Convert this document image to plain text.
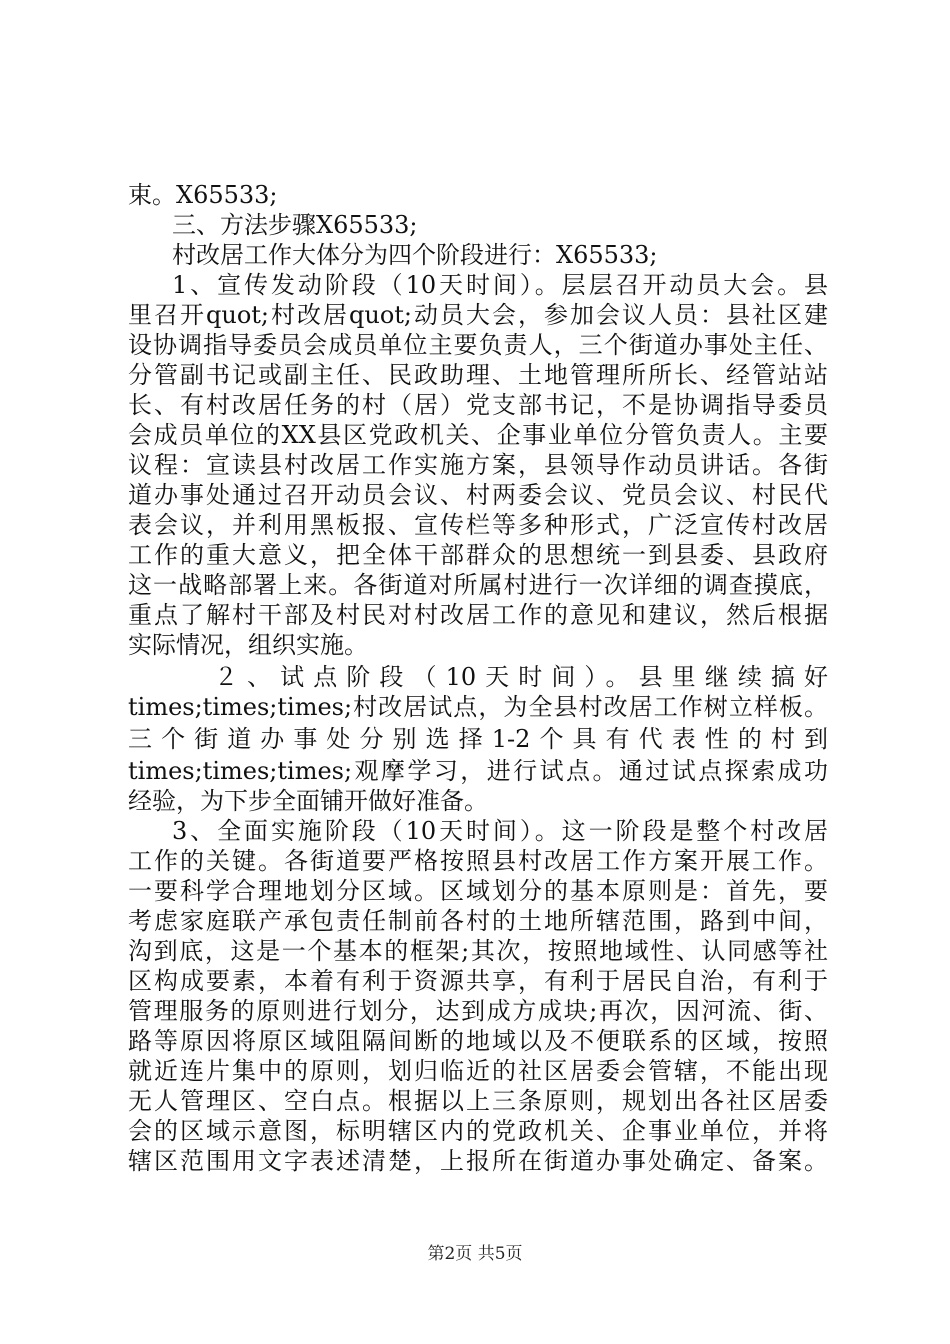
束。X65533;
三、方法步骤X65533;
村改居工作大体分为四个阶段进行：X65533;
1、宣传发动阶段（10天时间）。层层召开动员大会。县
里召开quot;村改居quot;动员大会，参加会议人员：县社区建
设协调指导委员会成员单位主要负责人，三个街道办事处主任、
分管副书记或副主任、民政助理、土地管理所所长、经管站站
长、有村改居任务的村（居）党支部书记，不是协调指导委员
会成员单位的XX县区党政机关、企事业单位分管负责人。主要
议程：宣读县村改居工作实施方案，县领导作动员讲话。各街
道办事处通过召开动员会议、村两委会议、党员会议、村民代
表会议，并利用黑板报、宣传栏等多种形式，广泛宣传村改居
工作的重大意义，把全体干部群众的思想统一到县委、县政府
这一战略部署上来。各街道对所属村进行一次详细的调查摸底，
重点了解村干部及村民对村改居工作的意见和建议，然后根据
实际情况，组织实施。
２、试点阶段（10天时间）。县里继续搞好
times;times;times;村改居试点，为全县村改居工作树立样板。
三个街道办事处分别选择1-2个具有代表性的村到
times;times;times;观摩学习，进行试点。通过试点探索成功
经验，为下步全面铺开做好准备。
3、全面实施阶段（10天时间）。这一阶段是整个村改居
工作的关键。各街道要严格按照县村改居工作方案开展工作。
一要科学合理地划分区域。区域划分的基本原则是：首先，要
考虑家庭联产承包责任制前各村的土地所辖范围，路到中间，
沟到底，这是一个基本的框架;其次，按照地域性、认同感等社
区构成要素，本着有利于资源共享，有利于居民自治，有利于
管理服务的原则进行划分，达到成方成块;再次，因河流、街、
路等原因将原区域阻隔间断的地域以及不便联系的区域，按照
就近连片集中的原则，划归临近的社区居委会管辖，不能出现
无人管理区、空白点。根据以上三条原则，规划出各社区居委
会的区域示意图，标明辖区内的党政机关、企事业单位，并将
辖区范围用文字表述清楚，上报所在街道办事处确定、备案。
第2页 共5页
